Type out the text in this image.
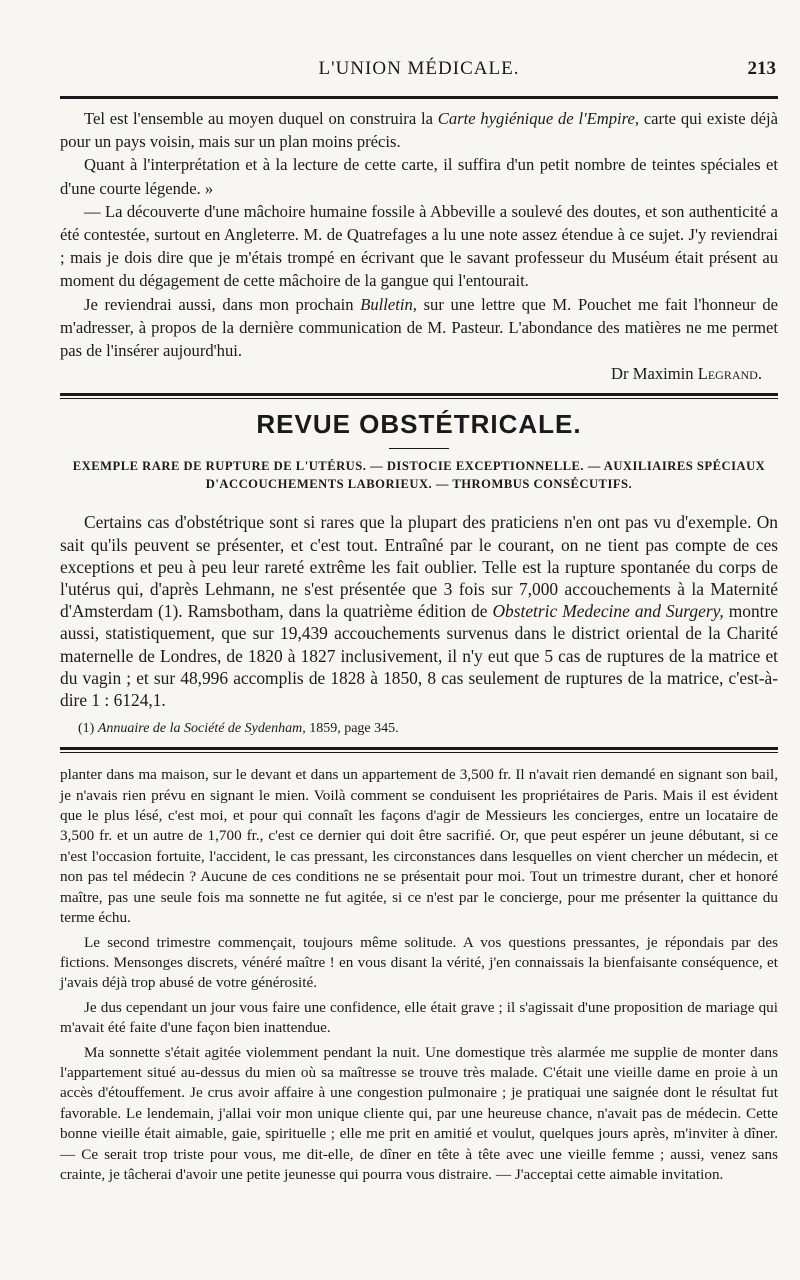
L'UNION MÉDICALE.	213

Tel est l'ensemble au moyen duquel on construira la Carte hygiénique de l'Empire, carte qui existe déjà pour un pays voisin, mais sur un plan moins précis.

Quant à l'interprétation et à la lecture de cette carte, il suffira d'un petit nombre de teintes spéciales et d'une courte légende. »

— La découverte d'une mâchoire humaine fossile à Abbeville a soulevé des doutes, et son authenticité a été contestée, surtout en Angleterre. M. de Quatrefages a lu une note assez étendue à ce sujet. J'y reviendrai ; mais je dois dire que je m'étais trompé en écrivant que le savant professeur du Muséum était présent au moment du dégagement de cette mâchoire de la gangue qui l'entourait.

Je reviendrai aussi, dans mon prochain Bulletin, sur une lettre que M. Pouchet me fait l'honneur de m'adresser, à propos de la dernière communication de M. Pasteur. L'abondance des matières ne me permet pas de l'insérer aujourd'hui.

Dr Maximin Legrand.

REVUE OBSTÉTRICALE.
EXEMPLE RARE DE RUPTURE DE L'UTÉRUS. — DISTOCIE EXCEPTIONNELLE. — AUXILIAIRES SPÉCIAUX D'ACCOUCHEMENTS LABORIEUX. — THROMBUS CONSÉCUTIFS.

Certains cas d'obstétrique sont si rares que la plupart des praticiens n'en ont pas vu d'exemple. On sait qu'ils peuvent se présenter, et c'est tout. Entraîné par le courant, on ne tient pas compte de ces exceptions et peu à peu leur rareté extrême les fait oublier. Telle est la rupture spontanée du corps de l'utérus qui, d'après Lehmann, ne s'est présentée que 3 fois sur 7,000 accouchements à la Maternité d'Amsterdam (1). Ramsbotham, dans la quatrième édition de Obstetric Medecine and Surgery, montre aussi, statistiquement, que sur 19,439 accouchements survenus dans le district oriental de la Charité maternelle de Londres, de 1820 à 1827 inclusivement, il n'y eut que 5 cas de ruptures de la matrice et du vagin ; et sur 48,996 accomplis de 1828 à 1850, 8 cas seulement de ruptures de la matrice, c'est-à-dire 1 : 6124,1.

(1) Annuaire de la Société de Sydenham, 1859, page 345.

planter dans ma maison, sur le devant et dans un appartement de 3,500 fr. Il n'avait rien demandé en signant son bail, je n'avais rien prévu en signant le mien. Voilà comment se conduisent les propriétaires de Paris. Mais il est évident que le plus lésé, c'est moi, et pour qui connaît les façons d'agir de Messieurs les concierges, entre un locataire de 3,500 fr. et un autre de 1,700 fr., c'est ce dernier qui doit être sacrifié. Or, que peut espérer un jeune débutant, si ce n'est l'occasion fortuite, l'accident, le cas pressant, les circonstances dans lesquelles on vient chercher un médecin, et non pas tel médecin ? Aucune de ces conditions ne se présentait pour moi. Tout un trimestre durant, cher et honoré maître, pas une seule fois ma sonnette ne fut agitée, si ce n'est par le concierge, pour me présenter la quittance du terme échu.

Le second trimestre commençait, toujours même solitude. A vos questions pressantes, je répondais par des fictions. Mensonges discrets, vénéré maître ! en vous disant la vérité, j'en connaissais la bienfaisante conséquence, et j'avais déjà trop abusé de votre générosité.

Je dus cependant un jour vous faire une confidence, elle était grave ; il s'agissait d'une proposition de mariage qui m'avait été faite d'une façon bien inattendue.

Ma sonnette s'était agitée violemment pendant la nuit. Une domestique très alarmée me supplie de monter dans l'appartement situé au-dessus du mien où sa maîtresse se trouve très malade. C'était une vieille dame en proie à un accès d'étouffement. Je crus avoir affaire à une congestion pulmonaire ; je pratiquai une saignée dont le résultat fut favorable. Le lendemain, j'allai voir mon unique cliente qui, par une heureuse chance, n'avait pas de médecin. Cette bonne vieille était aimable, gaie, spirituelle ; elle me prit en amitié et voulut, quelques jours après, m'inviter à dîner. — Ce serait trop triste pour vous, me dit-elle, de dîner en tête à tête avec une vieille femme ; aussi, venez sans crainte, je tâcherai d'avoir une petite jeunesse qui pourra vous distraire. — J'acceptai cette aimable invitation.
